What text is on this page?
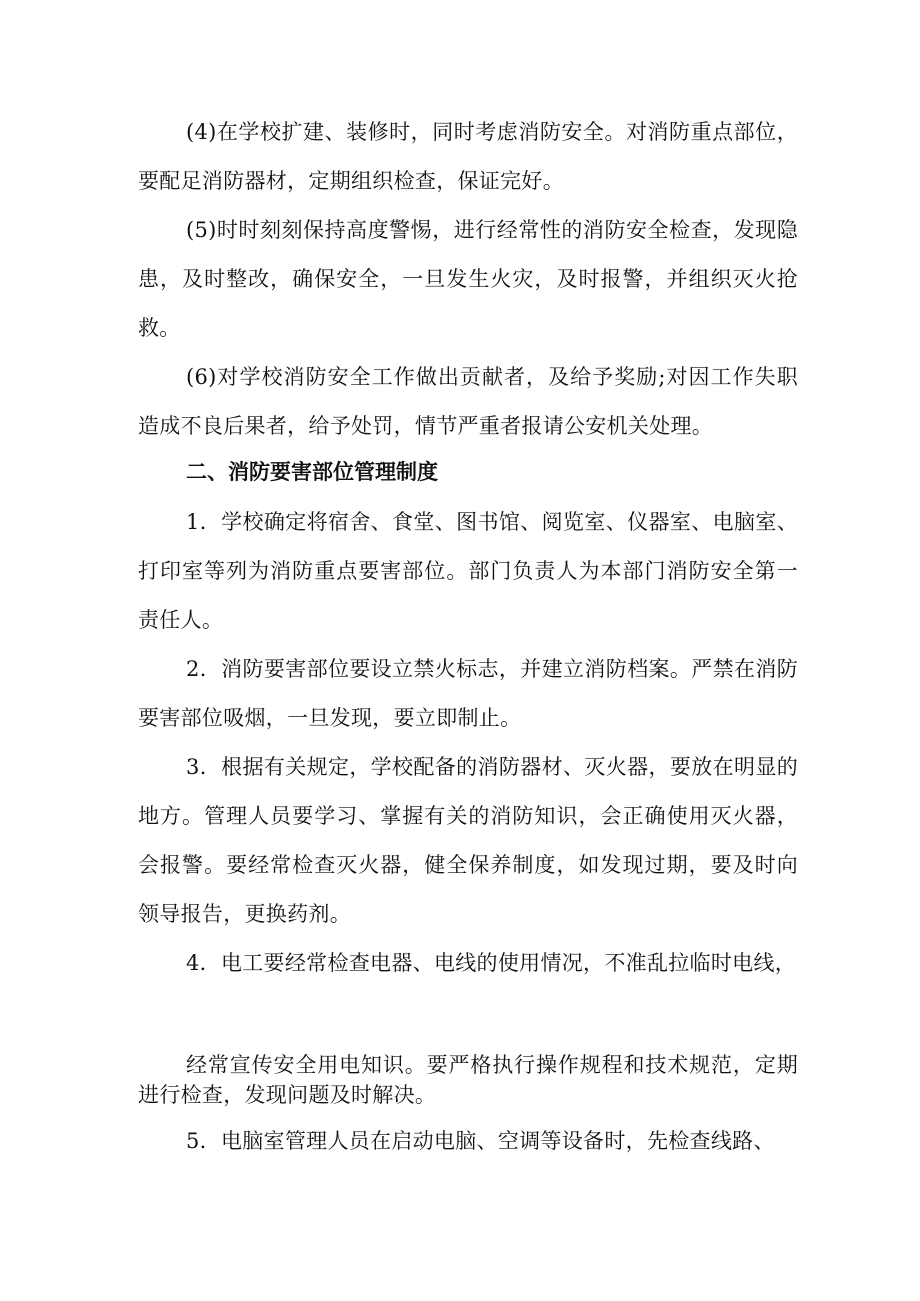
(4)在学校扩建、装修时，同时考虑消防安全。对消防重点部位，要配足消防器材，定期组织检查，保证完好。

(5)时时刻刻保持高度警惕，进行经常性的消防安全检查，发现隐患，及时整改，确保安全，一旦发生火灾，及时报警，并组织灭火抢救。

(6)对学校消防安全工作做出贡献者，及给予奖励;对因工作失职造成不良后果者，给予处罚，情节严重者报请公安机关处理。

二、消防要害部位管理制度

1．学校确定将宿舍、食堂、图书馆、阅览室、仪器室、电脑室、打印室等列为消防重点要害部位。部门负责人为本部门消防安全第一责任人。

2．消防要害部位要设立禁火标志，并建立消防档案。严禁在消防要害部位吸烟，一旦发现，要立即制止。

3．根据有关规定，学校配备的消防器材、灭火器，要放在明显的地方。管理人员要学习、掌握有关的消防知识，会正确使用灭火器，会报警。要经常检查灭火器，健全保养制度，如发现过期，要及时向领导报告，更换药剂。

4．电工要经常检查电器、电线的使用情况，不准乱拉临时电线，

经常宣传安全用电知识。要严格执行操作规程和技术规范，定期进行检查，发现问题及时解决。

5．电脑室管理人员在启动电脑、空调等设备时，先检查线路、
